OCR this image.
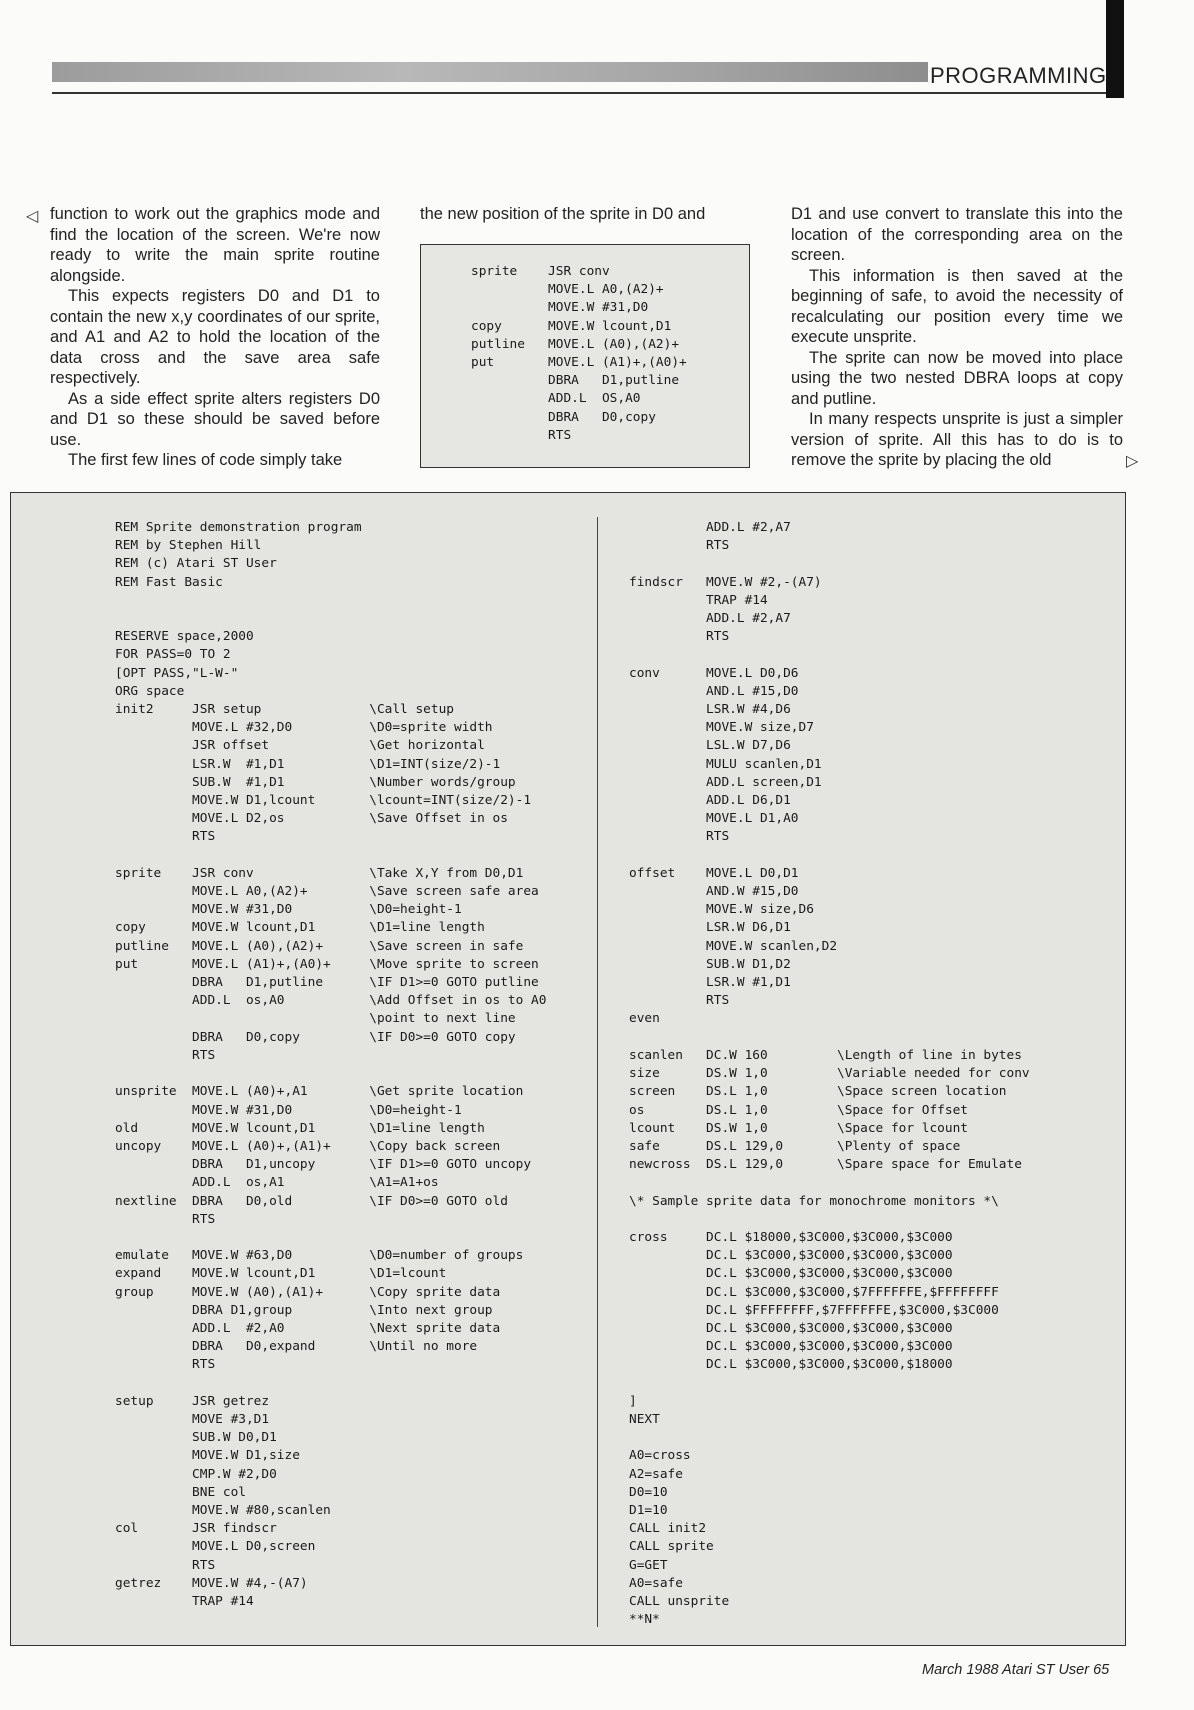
PROGRAMMING
◁ function to work out the graphics mode and find the location of the screen. We're now ready to write the main sprite routine alongside.

This expects registers D0 and D1 to contain the new x,y coordinates of our sprite, and A1 and A2 to hold the location of the data cross and the save area safe respectively.

As a side effect sprite alters registers D0 and D1 so these should be saved before use.

The first few lines of code simply take

the new position of the sprite in D0 and

sprite    JSR conv
MOVE.L A0,(A2)+
MOVE.W #31,D0
copy      MOVE.W lcount,D1
putline   MOVE.L (A0),(A2)+
put       MOVE.L (A1)+,(A0)+
DBRA   D1,putline
ADD.L  OS,A0
DBRA   D0,copy
RTS

D1 and use convert to translate this into the location of the corresponding area on the screen.

This information is then saved at the beginning of safe, to avoid the necessity of recalculating our position every time we execute unsprite.

The sprite can now be moved into place using the two nested DBRA loops at copy and putline.

In many respects unsprite is just a simpler version of sprite. All this has to do is to remove the sprite by placing the old	▷
REM Sprite demonstration program
REM by Stephen Hill
REM (c) Atari ST User
REM Fast Basic

RESERVE space,2000
FOR PASS=0 TO 2
[OPT PASS,"L-W-"
ORG space
init2     JSR setup              \Call setup
MOVE.L #32,D0          \D0=sprite width
JSR offset             \Get horizontal
LSR.W  #1,D1           \D1=INT(size/2)-1
SUB.W  #1,D1           \Number words/group
MOVE.W D1,lcount       \lcount=INT(size/2)-1
MOVE.L D2,os           \Save Offset in os
RTS

sprite    JSR conv               \Take X,Y from D0,D1
MOVE.L A0,(A2)+        \Save screen safe area
MOVE.W #31,D0          \D0=height-1
copy      MOVE.W lcount,D1       \D1=line length
putline   MOVE.L (A0),(A2)+      \Save screen in safe
put       MOVE.L (A1)+,(A0)+     \Move sprite to screen
DBRA   D1,putline      \IF D1>=0 GOTO putline
ADD.L  os,A0           \Add Offset in os to A0
\point to next line
DBRA   D0,copy         \IF D0>=0 GOTO copy
RTS

unsprite  MOVE.L (A0)+,A1        \Get sprite location
MOVE.W #31,D0          \D0=height-1
old       MOVE.W lcount,D1       \D1=line length
uncopy    MOVE.L (A0)+,(A1)+     \Copy back screen
DBRA   D1,uncopy       \IF D1>=0 GOTO uncopy
ADD.L  os,A1           \A1=A1+os
nextline  DBRA   D0,old          \IF D0>=0 GOTO old
RTS

emulate   MOVE.W #63,D0          \D0=number of groups
expand    MOVE.W lcount,D1       \D1=lcount
group     MOVE.W (A0),(A1)+      \Copy sprite data
DBRA D1,group          \Into next group
ADD.L  #2,A0           \Next sprite data
DBRA   D0,expand       \Until no more
RTS

setup     JSR getrez
MOVE #3,D1
SUB.W D0,D1
MOVE.W D1,size
CMP.W #2,D0
BNE col
MOVE.W #80,scanlen
col       JSR findscr
MOVE.L D0,screen
RTS
getrez    MOVE.W #4,-(A7)
TRAP #14
ADD.L #2,A7
RTS

findscr   MOVE.W #2,-(A7)
TRAP #14
ADD.L #2,A7
RTS

conv      MOVE.L D0,D6
AND.L #15,D0
LSR.W #4,D6
MOVE.W size,D7
LSL.W D7,D6
MULU scanlen,D1
ADD.L screen,D1
ADD.L D6,D1
MOVE.L D1,A0
RTS

offset    MOVE.L D0,D1
AND.W #15,D0
MOVE.W size,D6
LSR.W D6,D1
MOVE.W scanlen,D2
SUB.W D1,D2
LSR.W #1,D1
RTS
even

scanlen   DC.W 160         \Length of line in bytes
size      DS.W 1,0         \Variable needed for conv
screen    DS.L 1,0         \Space screen location
os        DS.L 1,0         \Space for Offset
lcount    DS.W 1,0         \Space for lcount
safe      DS.L 129,0       \Plenty of space
newcross  DS.L 129,0       \Spare space for Emulate

\* Sample sprite data for monochrome monitors *\

cross     DC.L $18000,$3C000,$3C000,$3C000
DC.L $3C000,$3C000,$3C000,$3C000
DC.L $3C000,$3C000,$3C000,$3C000
DC.L $3C000,$3C000,$7FFFFFFE,$FFFFFFFF
DC.L $FFFFFFFF,$7FFFFFFE,$3C000,$3C000
DC.L $3C000,$3C000,$3C000,$3C000
DC.L $3C000,$3C000,$3C000,$3C000
DC.L $3C000,$3C000,$3C000,$18000

]
NEXT

A0=cross
A2=safe
D0=10
D1=10
CALL init2
CALL sprite
G=GET
A0=safe
CALL unsprite
**N*
March 1988 Atari ST User 65
